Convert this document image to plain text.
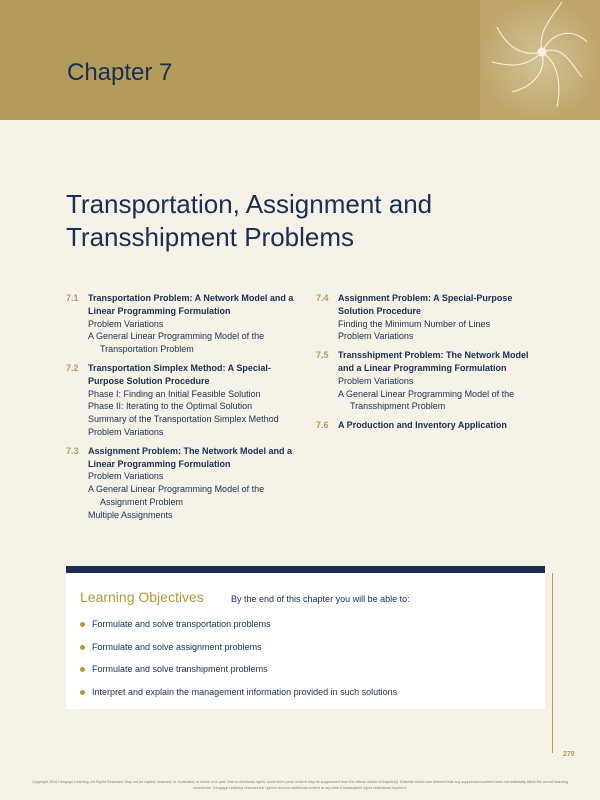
Chapter 7
Transportation, Assignment and Transshipment Problems
7.1 Transportation Problem: A Network Model and a Linear Programming Formulation
Problem Variations
A General Linear Programming Model of the
Transportation Problem
7.2 Transportation Simplex Method: A Special-Purpose Solution Procedure
Phase I: Finding an Initial Feasible Solution
Phase II: Iterating to the Optimal Solution
Summary of the Transportation Simplex Method
Problem Variations
7.3 Assignment Problem: The Network Model and a Linear Programming Formulation
Problem Variations
A General Linear Programming Model of the
Assignment Problem
Multiple Assignments
7.4 Assignment Problem: A Special-Purpose Solution Procedure
Finding the Minimum Number of Lines
Problem Variations
7.5 Transshipment Problem: The Network Model and a Linear Programming Formulation
Problem Variations
A General Linear Programming Model of the
Transshipment Problem
7.6 A Production and Inventory Application
Learning Objectives	By the end of this chapter you will be able to:
Formulate and solve transportation problems
Formulate and solve assignment problems
Formulate and solve transhipment problems
Interpret and explain the management information provided in such solutions
279
Copyright 2014 Cengage Learning. All Rights Reserved. May not be copied, scanned, or duplicated, in whole or in part. Due to electronic rights, some third party content may be suppressed from the eBook and/or eChapter(s). Editorial review has deemed that any suppressed content does not materially affect the overall learning experience. Cengage Learning reserves the right to remove additional content at any time if subsequent rights restrictions require it.
